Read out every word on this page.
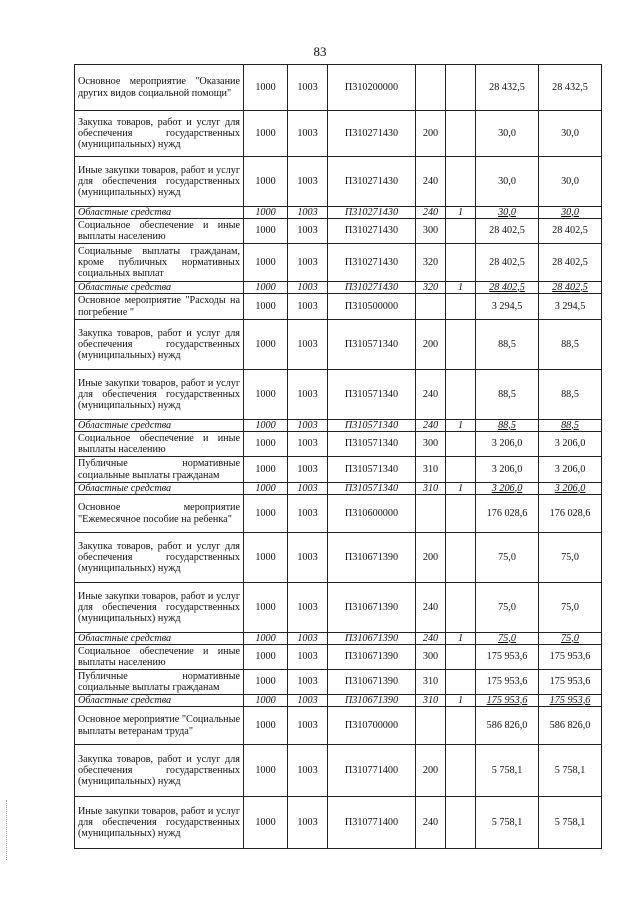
83
Основное мероприятие "Оказание других видов социальной помощи"	1000	1003	П310200000			28 432,5	28 432,5
Закупка товаров, работ и услуг для обеспечения государственных (муниципальных) нужд	1000	1003	П310271430	200		30,0	30,0
Иные закупки товаров, работ и услуг для обеспечения государственных (муниципальных) нужд	1000	1003	П310271430	240		30,0	30,0
Областные средства	1000	1003	П310271430	240	1	30,0	30,0
Социальное обеспечение и иные выплаты населению	1000	1003	П310271430	300		28 402,5	28 402,5
Социальные выплаты гражданам, кроме публичных нормативных социальных выплат	1000	1003	П310271430	320		28 402,5	28 402,5
Областные средства	1000	1003	П310271430	320	1	28 402,5	28 402,5
Основное мероприятие "Расходы на погребение "	1000	1003	П310500000			3 294,5	3 294,5
Закупка товаров, работ и услуг для обеспечения государственных (муниципальных) нужд	1000	1003	П310571340	200		88,5	88,5
Иные закупки товаров, работ и услуг для обеспечения государственных (муниципальных) нужд	1000	1003	П310571340	240		88,5	88,5
Областные средства	1000	1003	П310571340	240	1	88,5	88,5
Социальное обеспечение и иные выплаты населению	1000	1003	П310571340	300		3 206,0	3 206,0
Публичные нормативные социальные выплаты гражданам	1000	1003	П310571340	310		3 206,0	3 206,0
Областные средства	1000	1003	П310571340	310	1	3 206,0	3 206,0
Основное мероприятие "Ежемесячное пособие на ребенка"	1000	1003	П310600000			176 028,6	176 028,6
Закупка товаров, работ и услуг для обеспечения государственных (муниципальных) нужд	1000	1003	П310671390	200		75,0	75,0
Иные закупки товаров, работ и услуг для обеспечения государственных (муниципальных) нужд	1000	1003	П310671390	240		75,0	75,0
Областные средства	1000	1003	П310671390	240	1	75,0	75,0
Социальное обеспечение и иные выплаты населению	1000	1003	П310671390	300		175 953,6	175 953,6
Публичные нормативные социальные выплаты гражданам	1000	1003	П310671390	310		175 953,6	175 953,6
Областные средства	1000	1003	П310671390	310	1	175 953,6	175 953,6
Основное мероприятие "Социальные выплаты ветеранам труда"	1000	1003	П310700000			586 826,0	586 826,0
Закупка товаров, работ и услуг для обеспечения государственных (муниципальных) нужд	1000	1003	П310771400	200		5 758,1	5 758,1
Иные закупки товаров, работ и услуг для обеспечения государственных (муниципальных) нужд	1000	1003	П310771400	240		5 758,1	5 758,1
